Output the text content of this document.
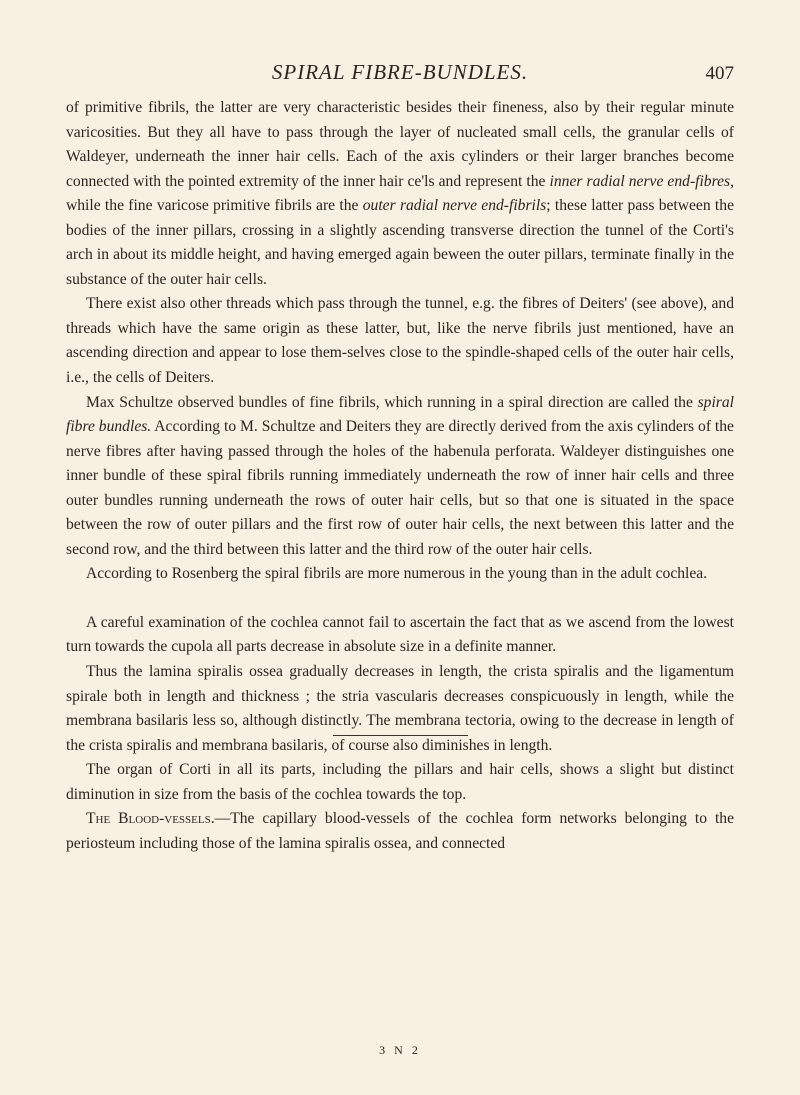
SPIRAL FIBRE-BUNDLES.	407

of primitive fibrils, the latter are very characteristic besides their fineness, also by their regular minute varicosities. But they all have to pass through the layer of nucleated small cells, the granular cells of Waldeyer, underneath the inner hair cells. Each of the axis cylinders or their larger branches become connected with the pointed extremity of the inner hair ce'ls and represent the inner radial nerve end-fibres, while the fine varicose primitive fibrils are the outer radial nerve end-fibrils; these latter pass between the bodies of the inner pillars, crossing in a slightly ascending transverse direction the tunnel of the Corti's arch in about its middle height, and having emerged again beween the outer pillars, terminate finally in the substance of the outer hair cells.

There exist also other threads which pass through the tunnel, e.g. the fibres of Deiters' (see above), and threads which have the same origin as these latter, but, like the nerve fibrils just mentioned, have an ascending direction and appear to lose them-selves close to the spindle-shaped cells of the outer hair cells, i.e., the cells of Deiters.

Max Schultze observed bundles of fine fibrils, which running in a spiral direction are called the spiral fibre bundles. According to M. Schultze and Deiters they are directly derived from the axis cylinders of the nerve fibres after having passed through the holes of the habenula perforata. Waldeyer distinguishes one inner bundle of these spiral fibrils running immediately underneath the row of inner hair cells and three outer bundles running underneath the rows of outer hair cells, but so that one is situated in the space between the row of outer pillars and the first row of outer hair cells, the next between this latter and the second row, and the third between this latter and the third row of the outer hair cells.

According to Rosenberg the spiral fibrils are more numerous in the young than in the adult cochlea.

A careful examination of the cochlea cannot fail to ascertain the fact that as we ascend from the lowest turn towards the cupola all parts decrease in absolute size in a definite manner.

Thus the lamina spiralis ossea gradually decreases in length, the crista spiralis and the ligamentum spirale both in length and thickness ; the stria vascularis decreases conspicuously in length, while the membrana basilaris less so, although distinctly. The membrana tectoria, owing to the decrease in length of the crista spiralis and membrana basilaris, of course also diminishes in length.

The organ of Corti in all its parts, including the pillars and hair cells, shows a slight but distinct diminution in size from the basis of the cochlea towards the top.

The Blood-vessels.—The capillary blood-vessels of the cochlea form networks belonging to the periosteum including those of the lamina spiralis ossea, and connected

3 N 2
